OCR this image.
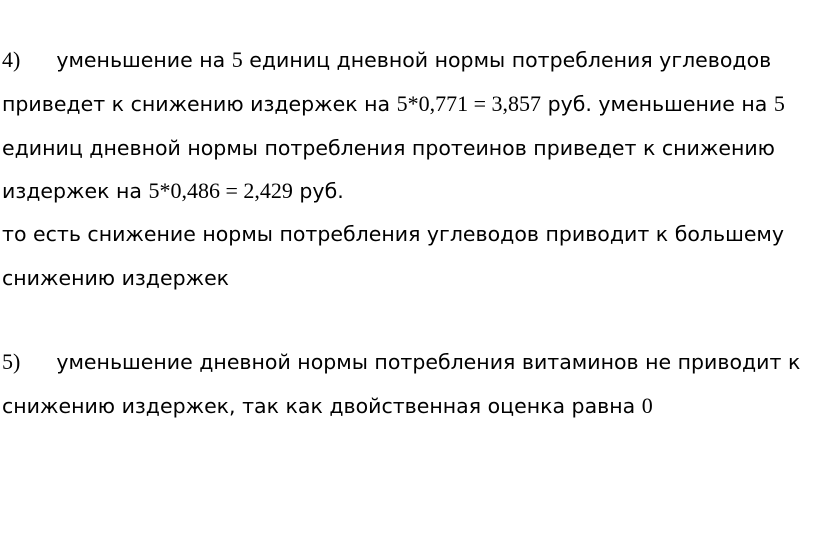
4) уменьшение на 5 единиц дневной нормы потребления углеводов
приведет к снижению издержек на 5*0,771 = 3,857 руб. уменьшение на 5
единиц дневной нормы потребления протеинов приведет к снижению
издержек на 5*0,486 = 2,429 руб.
то есть снижение нормы потребления углеводов приводит к большему
снижению издержек
5) уменьшение дневной нормы потребления витаминов не приводит к
снижению издержек, так как двойственная оценка равна 0
